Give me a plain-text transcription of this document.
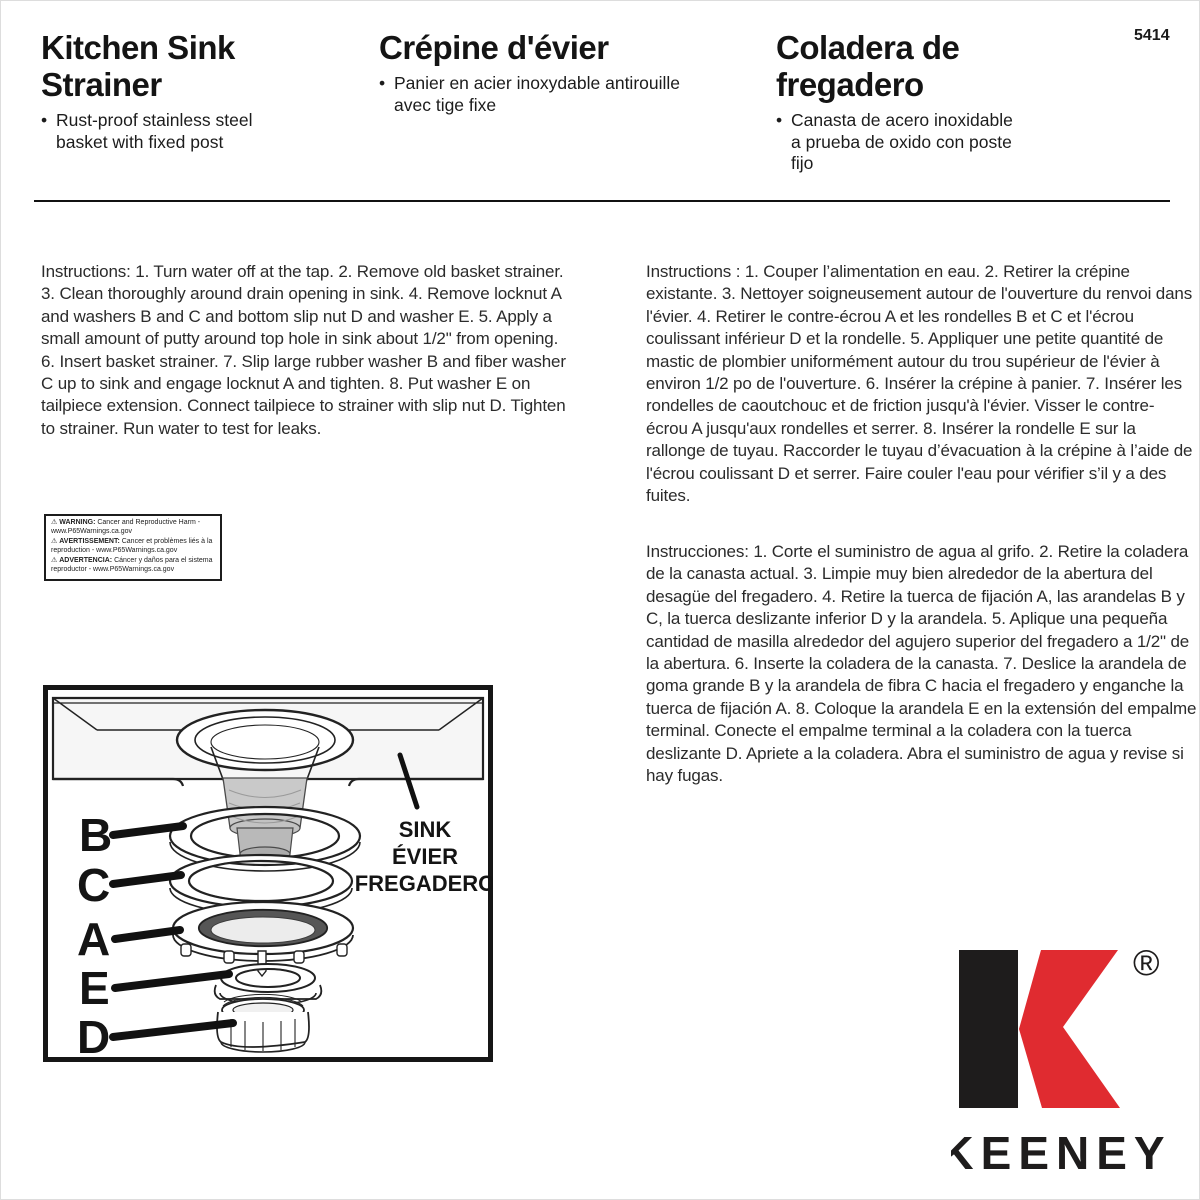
Kitchen Sink Strainer
• Rust-proof stainless steel basket with fixed post
Crépine d'évier
• Panier en acier inoxydable antirouille avec tige fixe
Coladera de fregadero
• Canasta de acero inoxidable a prueba de oxido con poste fijo
5414
Instructions: 1. Turn water off at the tap. 2. Remove old basket strainer. 3. Clean thoroughly around drain opening in sink. 4. Remove locknut A and washers B and C and bottom slip nut D and washer E. 5. Apply a small amount of putty around top hole in sink about 1/2" from opening. 6. Insert basket strainer. 7. Slip large rubber washer B and fiber washer C up to sink and engage locknut A and tighten. 8. Put washer E on tailpiece extension. Connect tailpiece to strainer with slip nut D. Tighten to strainer. Run water to test for leaks.
Instructions : 1. Couper l’alimentation en eau. 2. Retirer la crépine existante. 3. Nettoyer soigneusement autour de l'ouverture du renvoi dans l'évier. 4. Retirer le contre-écrou A et les rondelles B et C et l'écrou coulissant inférieur D et la rondelle. 5. Appliquer une petite quantité de mastic de plombier uniformément autour du trou supérieur de l'évier à environ 1/2 po de l'ouverture. 6. Insérer la crépine à panier. 7. Insérer les rondelles de caoutchouc et de friction jusqu'à l'évier. Visser le contre-écrou A jusqu'aux rondelles et serrer. 8. Insérer la rondelle E sur la rallonge de tuyau. Raccorder le tuyau d’évacuation à la crépine à l’aide de l'écrou coulissant D et serrer. Faire couler l'eau pour vérifier s’il y a des fuites.
Instrucciones: 1. Corte el suministro de agua al grifo. 2. Retire la coladera de la canasta actual. 3. Limpie muy bien alrededor de la abertura del desagüe del fregadero. 4. Retire la tuerca de fijación A, las arandelas B y C, la tuerca deslizante inferior D y la arandela. 5. Aplique una pequeña cantidad de masilla alrededor del agujero superior del fregadero a 1/2" de la abertura. 6. Inserte la coladera de la canasta. 7. Deslice la arandela de goma grande B y la arandela de fibra C hacia el fregadero y enganche la tuerca de fijación A. 8. Coloque la arandela E en la extensión del empalme terminal. Conecte el empalme terminal a la coladera con la tuerca deslizante D. Apriete a la coladera. Abra el suministro de agua y revise si hay fugas.
⚠ WARNING: Cancer and Reproductive Harm - www.P65Warnings.ca.gov
⚠ AVERTISSEMENT: Cancer et problèmes liés à la reproduction - www.P65Warnings.ca.gov
⚠ ADVERTENCIA: Cáncer y daños para el sistema reproductor - www.P65Warnings.ca.gov
B
C
A
E
D
SINK
ÉVIER
FREGADERO
®
KEENEY
